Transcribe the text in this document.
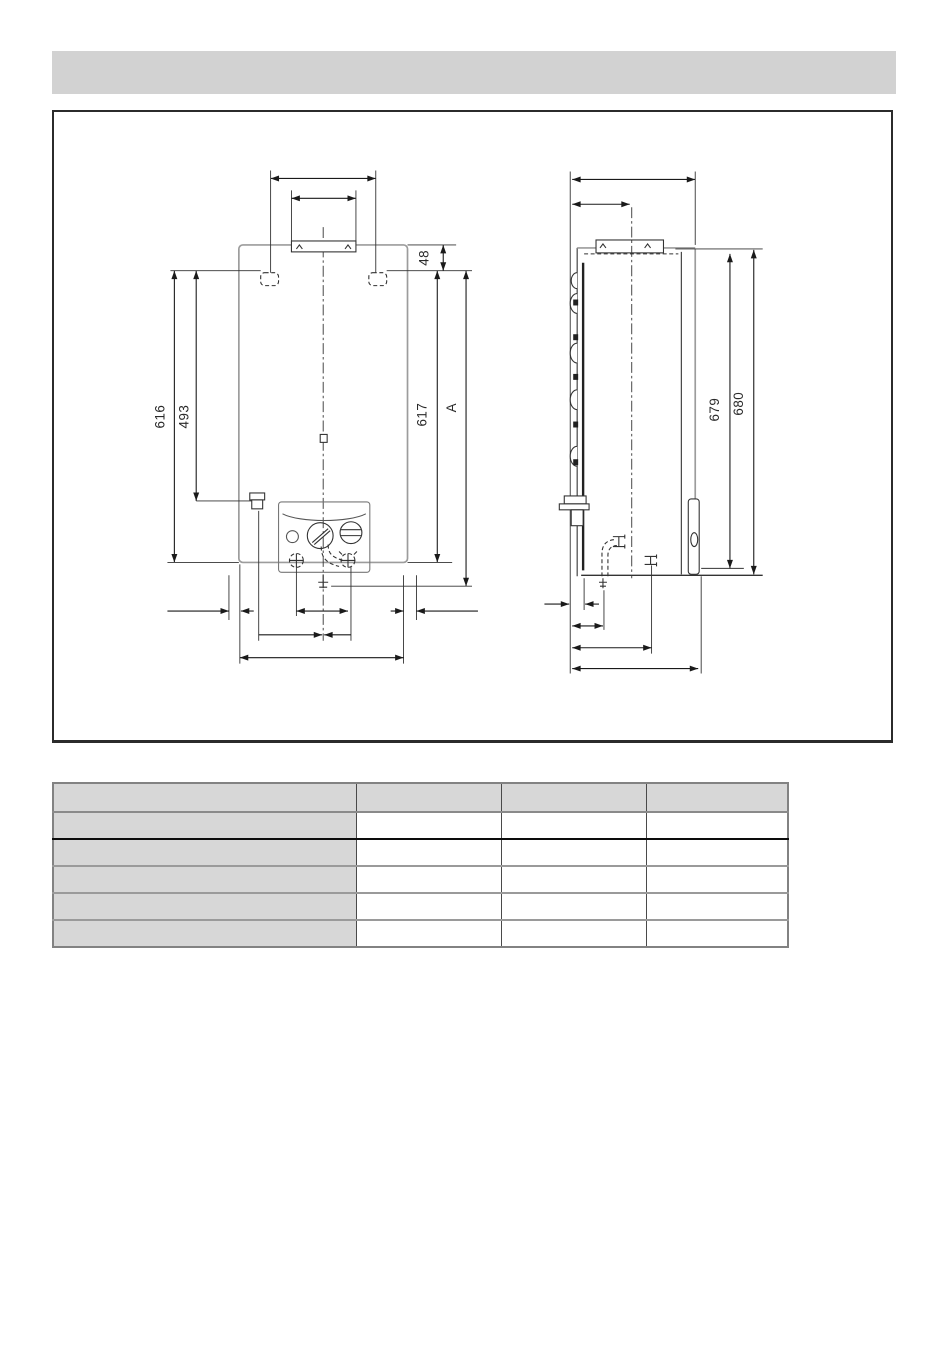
48
616 493	617 A	679 680
